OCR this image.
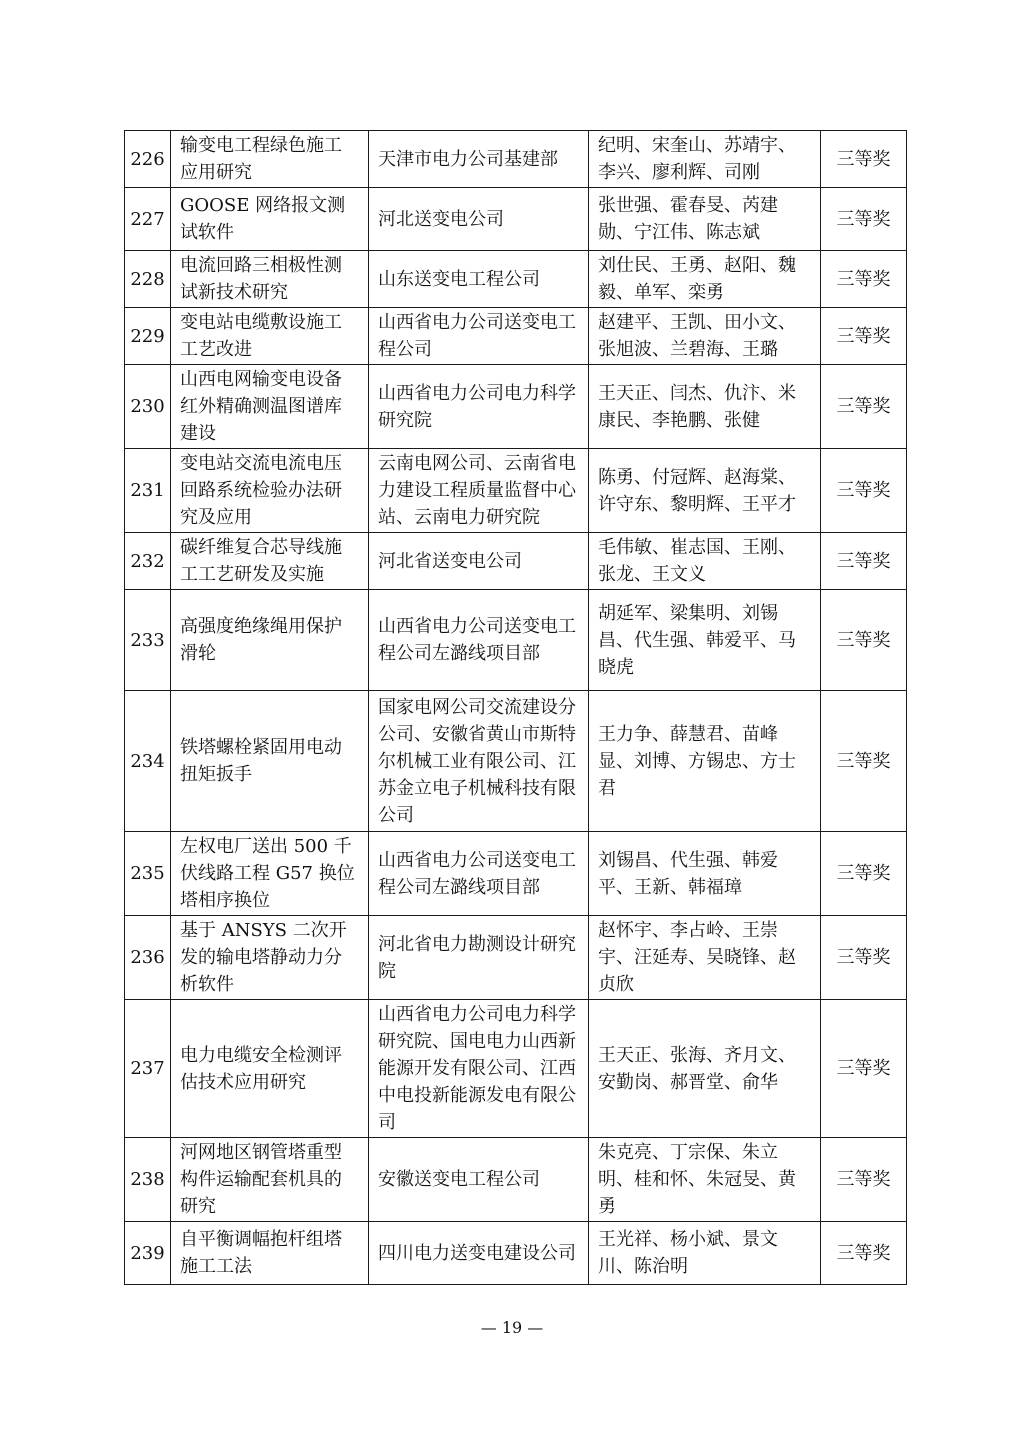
226	输变电工程绿色施工应用研究	天津市电力公司基建部	纪明、宋奎山、苏靖宇、李兴、廖利辉、司刚	三等奖
227	GOOSE 网络报文测试软件	河北送变电公司	张世强、霍春旻、芮建勋、宁江伟、陈志斌	三等奖
228	电流回路三相极性测试新技术研究	山东送变电工程公司	刘仕民、王勇、赵阳、魏毅、单军、栾勇	三等奖
229	变电站电缆敷设施工工艺改进	山西省电力公司送变电工程公司	赵建平、王凯、田小文、张旭波、兰碧海、王璐	三等奖
230	山西电网输变电设备红外精确测温图谱库建设	山西省电力公司电力科学研究院	王天正、闫杰、仇汴、米康民、李艳鹏、张健	三等奖
231	变电站交流电流电压回路系统检验办法研究及应用	云南电网公司、云南省电力建设工程质量监督中心站、云南电力研究院	陈勇、付冠辉、赵海棠、许守东、黎明辉、王平才	三等奖
232	碳纤维复合芯导线施工工艺研发及实施	河北省送变电公司	毛伟敏、崔志国、王刚、张龙、王文义	三等奖
233	高强度绝缘绳用保护滑轮	山西省电力公司送变电工程公司左潞线项目部	胡延军、梁集明、刘锡昌、代生强、韩爱平、马晓虎	三等奖
234	铁塔螺栓紧固用电动扭矩扳手	国家电网公司交流建设分公司、安徽省黄山市斯特尔机械工业有限公司、江苏金立电子机械科技有限公司	王力争、薛慧君、苗峰显、刘博、方锡忠、方士君	三等奖
235	左权电厂送出 500 千伏线路工程 G57 换位塔相序换位	山西省电力公司送变电工程公司左潞线项目部	刘锡昌、代生强、韩爱平、王新、韩福璋	三等奖
236	基于 ANSYS 二次开发的输电塔静动力分析软件	河北省电力勘测设计研究院	赵怀宇、李占岭、王崇宇、汪延寿、吴晓锋、赵贞欣	三等奖
237	电力电缆安全检测评估技术应用研究	山西省电力公司电力科学研究院、国电电力山西新能源开发有限公司、江西中电投新能源发电有限公司	王天正、张海、齐月文、安勤岗、郝晋堂、俞华	三等奖
238	河网地区钢管塔重型构件运输配套机具的研究	安徽送变电工程公司	朱克亮、丁宗保、朱立明、桂和怀、朱冠旻、黄勇	三等奖
239	自平衡调幅抱杆组塔施工工法	四川电力送变电建设公司	王光祥、杨小斌、景文川、陈治明	三等奖
— 19 —
